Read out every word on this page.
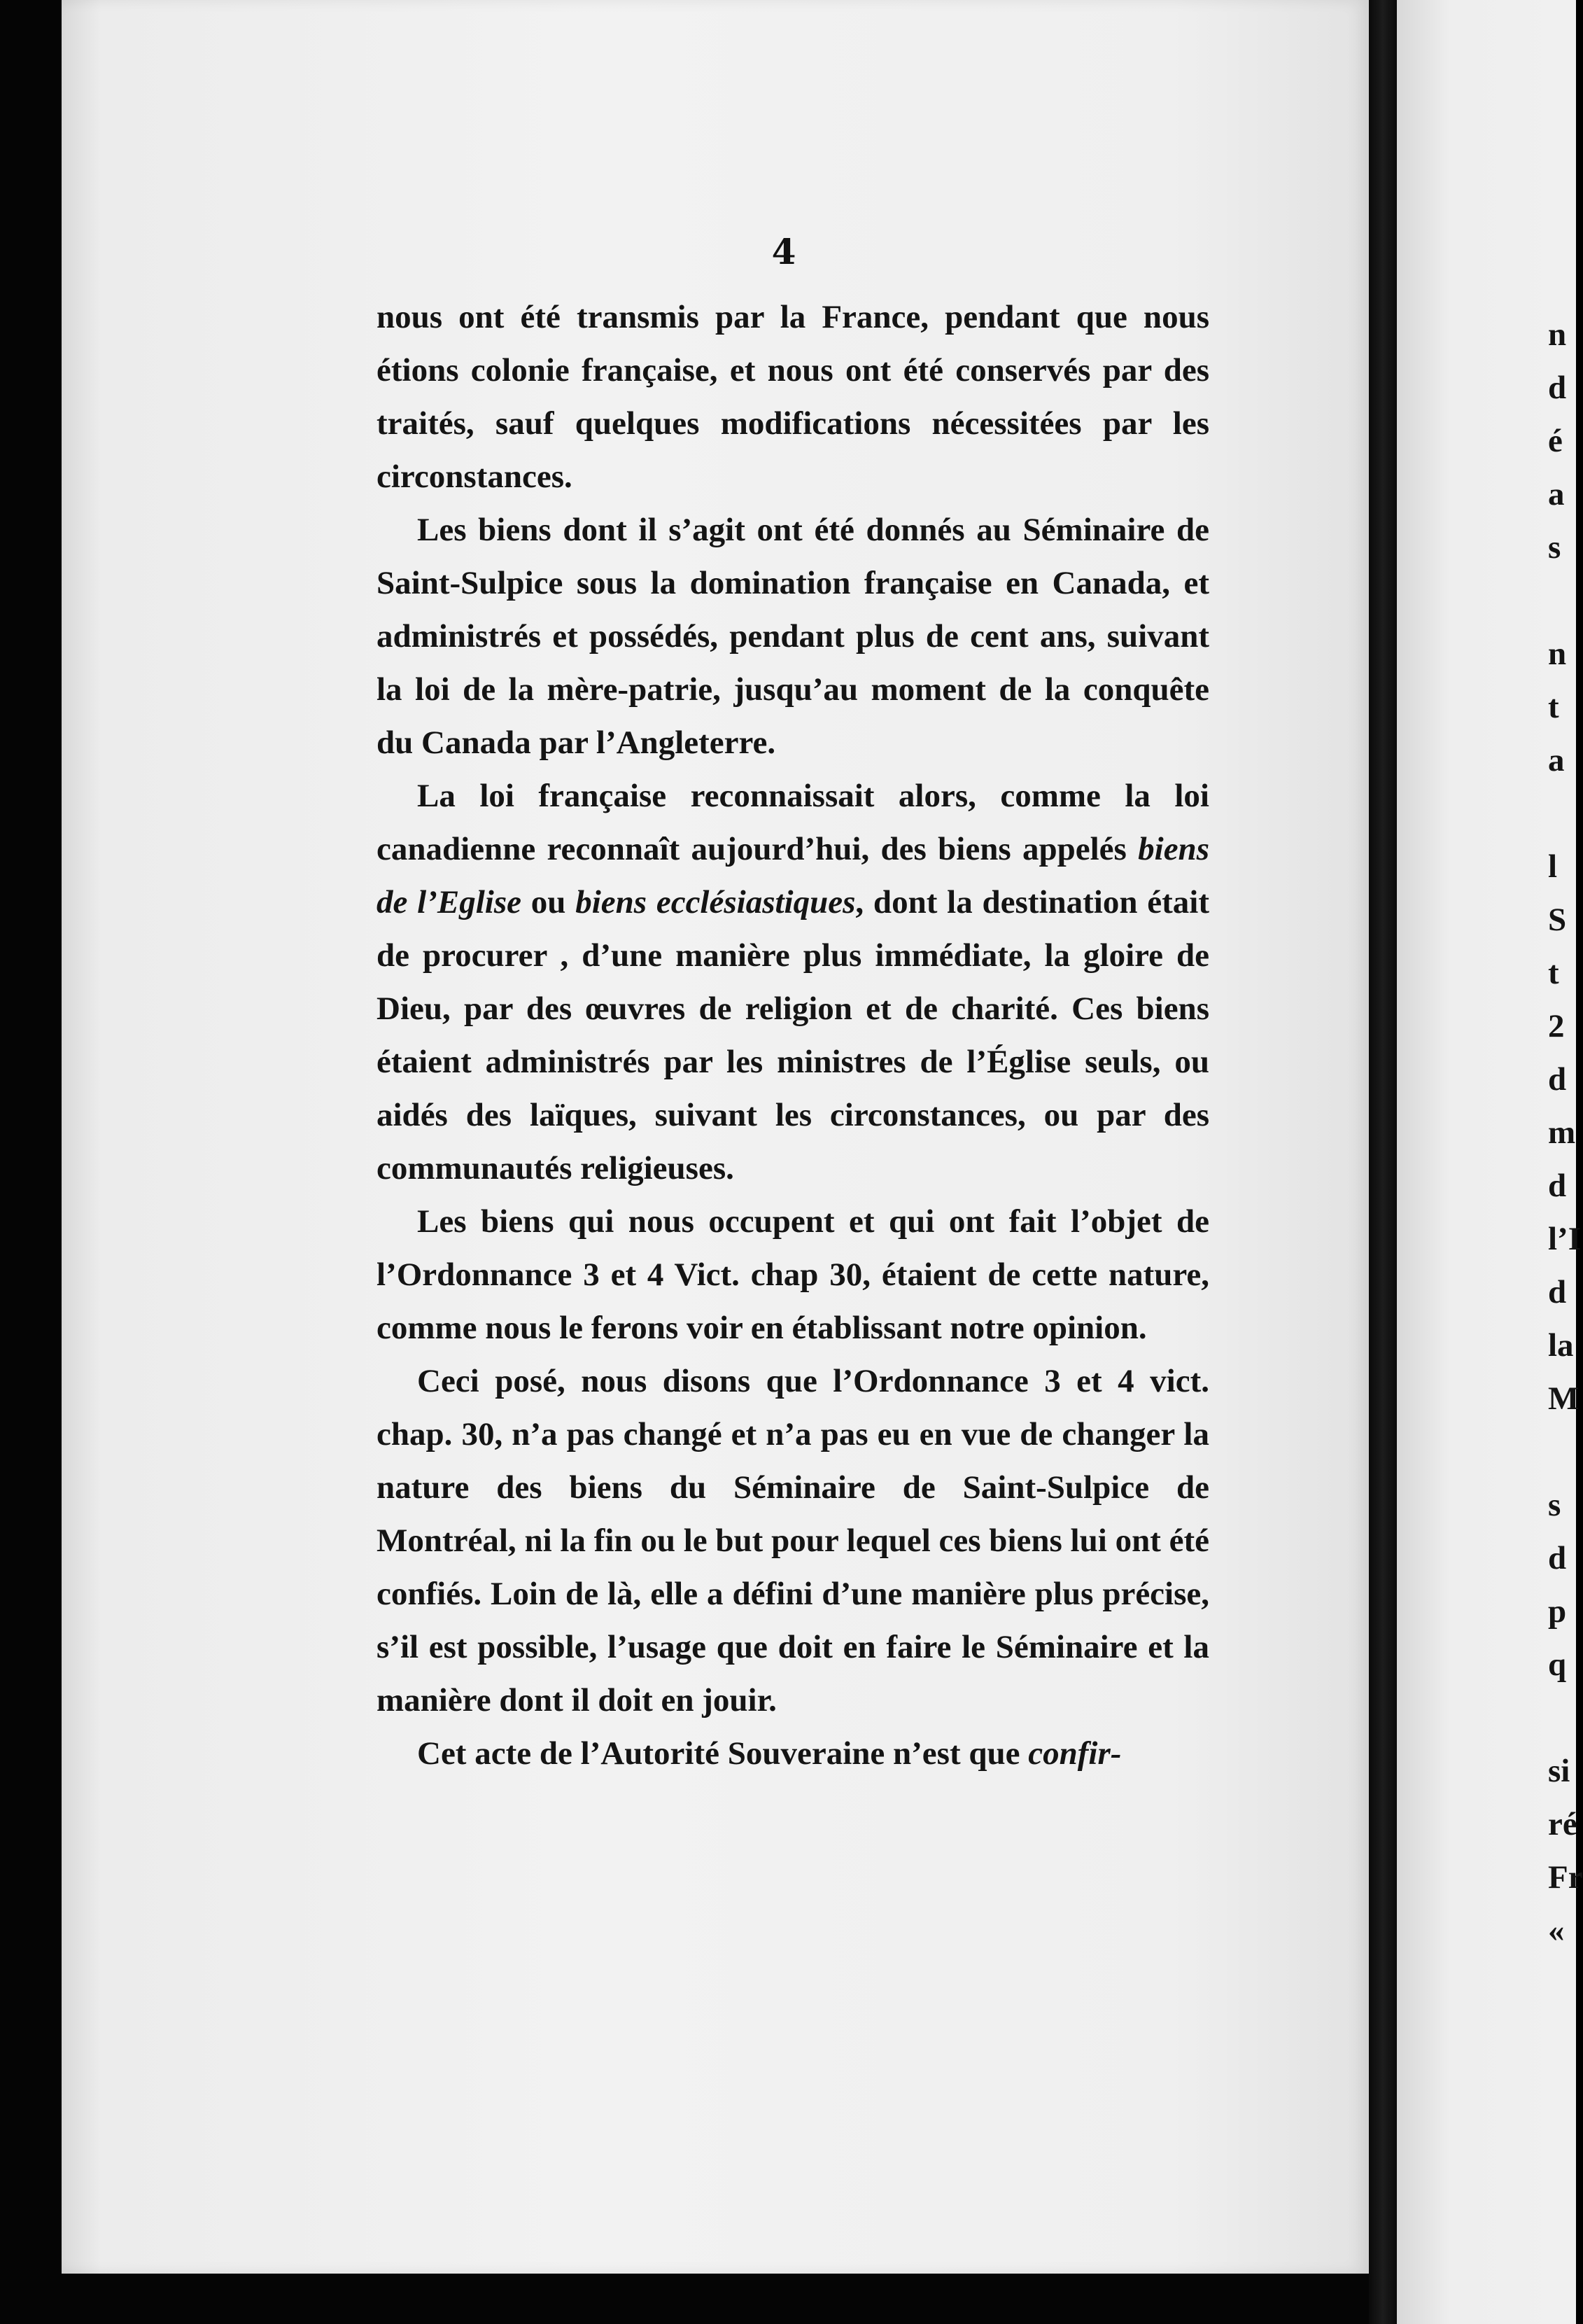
4

nous ont été transmis par la France, pendant que nous étions colonie française, et nous ont été conservés par des traités, sauf quelques modifications nécessitées par les circonstances.

Les biens dont il s’agit ont été donnés au Séminaire de Saint-Sulpice sous la domination française en Canada, et administrés et possédés, pendant plus de cent ans, suivant la loi de la mère-patrie, jusqu’au moment de la conquête du Canada par l’Angleterre.

La loi française reconnaissait alors, comme la loi canadienne reconnaît aujourd’hui, des biens appelés biens de l’Eglise ou biens ecclésiastiques, dont la destination était de procurer , d’une manière plus immédiate, la gloire de Dieu, par des œuvres de religion et de charité. Ces biens étaient administrés par les ministres de l’Église seuls, ou aidés des laïques, suivant les circonstances, ou par des communautés religieuses.

Les biens qui nous occupent et qui ont fait l’objet de l’Ordonnance 3 et 4 Vict. chap 30, étaient de cette nature, comme nous le ferons voir en établissant notre opinion.

Ceci posé, nous disons que l’Ordonnance 3 et 4 vict. chap. 30, n’a pas changé et n’a pas eu en vue de changer la nature des biens du Séminaire de Saint-Sulpice de Montréal, ni la fin ou le but pour lequel ces biens lui ont été confiés. Loin de là, elle a défini d’une manière plus précise, s’il est possible, l’usage que doit en faire le Séminaire et la manière dont il doit en jouir.

Cet acte de l’Autorité Souveraine n’est que confir-

n
d
é
a
s
n
t
a
l
S
t
2
d
m
d
l’I
d
la
M
s
d
p
q
si
ré
Fr
«
